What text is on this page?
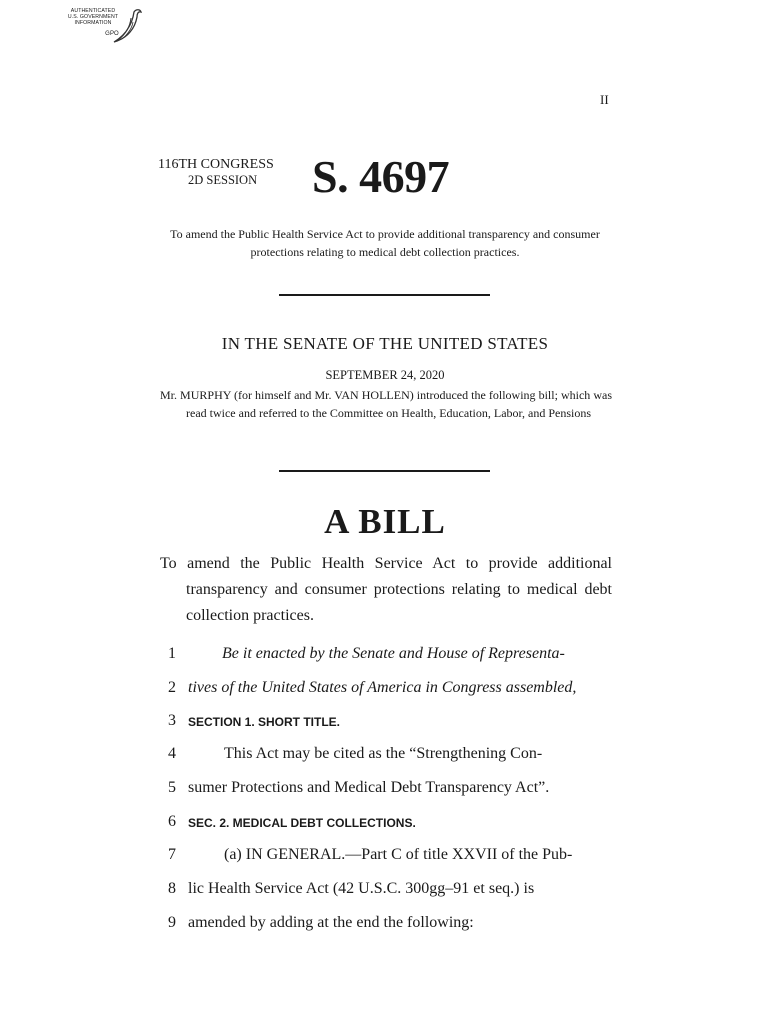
AUTHENTICATED
U.S. GOVERNMENT
INFORMATION
GPO
II
116TH CONGRESS
2D SESSION S. 4697
To amend the Public Health Service Act to provide additional transparency and consumer protections relating to medical debt collection practices.
IN THE SENATE OF THE UNITED STATES
SEPTEMBER 24, 2020

Mr. MURPHY (for himself and Mr. VAN HOLLEN) introduced the following bill; which was read twice and referred to the Committee on Health, Education, Labor, and Pensions

A BILL

To amend the Public Health Service Act to provide additional transparency and consumer protections relating to medical debt collection practices.

1	Be it enacted by the Senate and House of Representa-
2 tives of the United States of America in Congress assembled,
3 SECTION 1. SHORT TITLE.
4	This Act may be cited as the “Strengthening Con-
5 sumer Protections and Medical Debt Transparency Act”.
6 SEC. 2. MEDICAL DEBT COLLECTIONS.
7	(a) IN GENERAL.—Part C of title XXVII of the Pub-
8 lic Health Service Act (42 U.S.C. 300gg–91 et seq.) is
9 amended by adding at the end the following:
